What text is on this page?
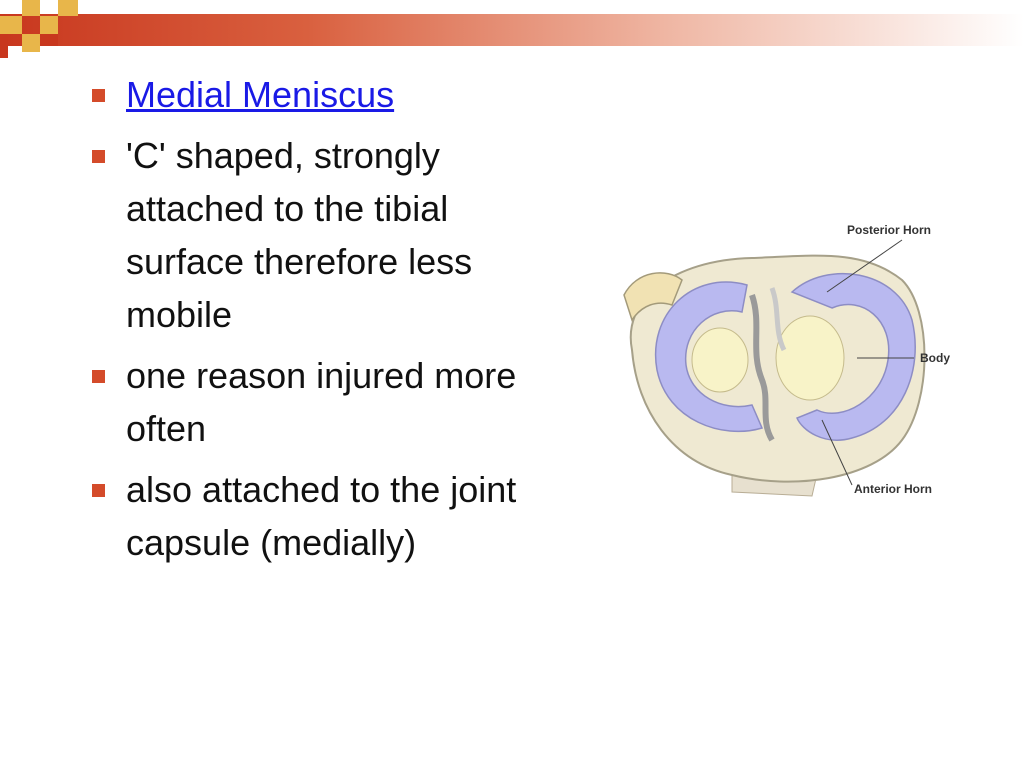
Medial Meniscus
'C' shaped, strongly attached to the tibial surface therefore less mobile
one reason injured more often
also attached to the joint capsule (medially)
Posterior Horn
Body
Anterior Horn
